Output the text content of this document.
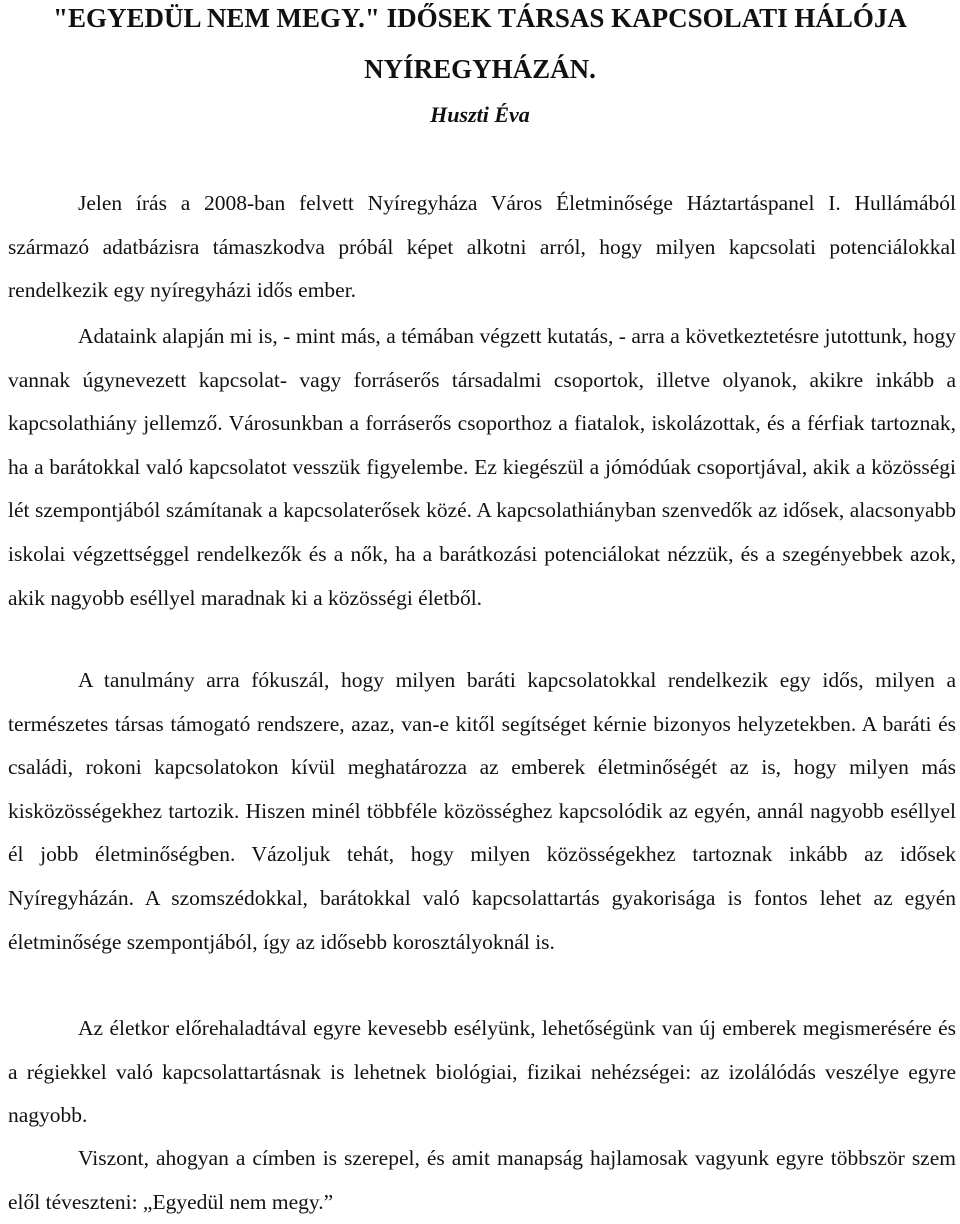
"EGYEDÜL NEM MEGY." IDŐSEK TÁRSAS KAPCSOLATI HÁLÓJA
NYÍREGYHÁZÁN.
Huszti Éva

Jelen írás a 2008-ban felvett Nyíregyháza Város Életminősége Háztartáspanel I. Hullámából származó adatbázisra támaszkodva próbál képet alkotni arról, hogy milyen kapcsolati potenciálokkal rendelkezik egy nyíregyházi idős ember.

Adataink alapján mi is, - mint más, a témában végzett kutatás, - arra a következtetésre jutottunk, hogy vannak úgynevezett kapcsolat- vagy forráserős társadalmi csoportok, illetve olyanok, akikre inkább a kapcsolathiány jellemző. Városunkban a forráserős csoporthoz a fiatalok, iskolázottak, és a férfiak tartoznak, ha a barátokkal való kapcsolatot vesszük figyelembe. Ez kiegészül a jómódúak csoportjával, akik a közösségi lét szempontjából számítanak a kapcsolaterősek közé. A kapcsolathiányban szenvedők az idősek, alacsonyabb iskolai végzettséggel rendelkezők és a nők, ha a barátkozási potenciálokat nézzük, és a szegényebbek azok, akik nagyobb eséllyel maradnak ki a közösségi életből.

A tanulmány arra fókuszál, hogy milyen baráti kapcsolatokkal rendelkezik egy idős, milyen a természetes társas támogató rendszere, azaz, van-e kitől segítséget kérnie bizonyos helyzetekben. A baráti és családi, rokoni kapcsolatokon kívül meghatározza az emberek életminőségét az is, hogy milyen más kisközösségekhez tartozik. Hiszen minél többféle közösséghez kapcsolódik az egyén, annál nagyobb eséllyel él jobb életminőségben. Vázoljuk tehát, hogy milyen közösségekhez tartoznak inkább az idősek Nyíregyházán. A szomszédokkal, barátokkal való kapcsolattartás gyakorisága is fontos lehet az egyén életminősége szempontjából, így az idősebb korosztályoknál is.

Az életkor előrehaladtával egyre kevesebb esélyünk, lehetőségünk van új emberek megismerésére és a régiekkel való kapcsolattartásnak is lehetnek biológiai, fizikai nehézségei: az izolálódás veszélye egyre nagyobb.

Viszont, ahogyan a címben is szerepel, és amit manapság hajlamosak vagyunk egyre többször szem elől téveszteni: „Egyedül nem megy.”
